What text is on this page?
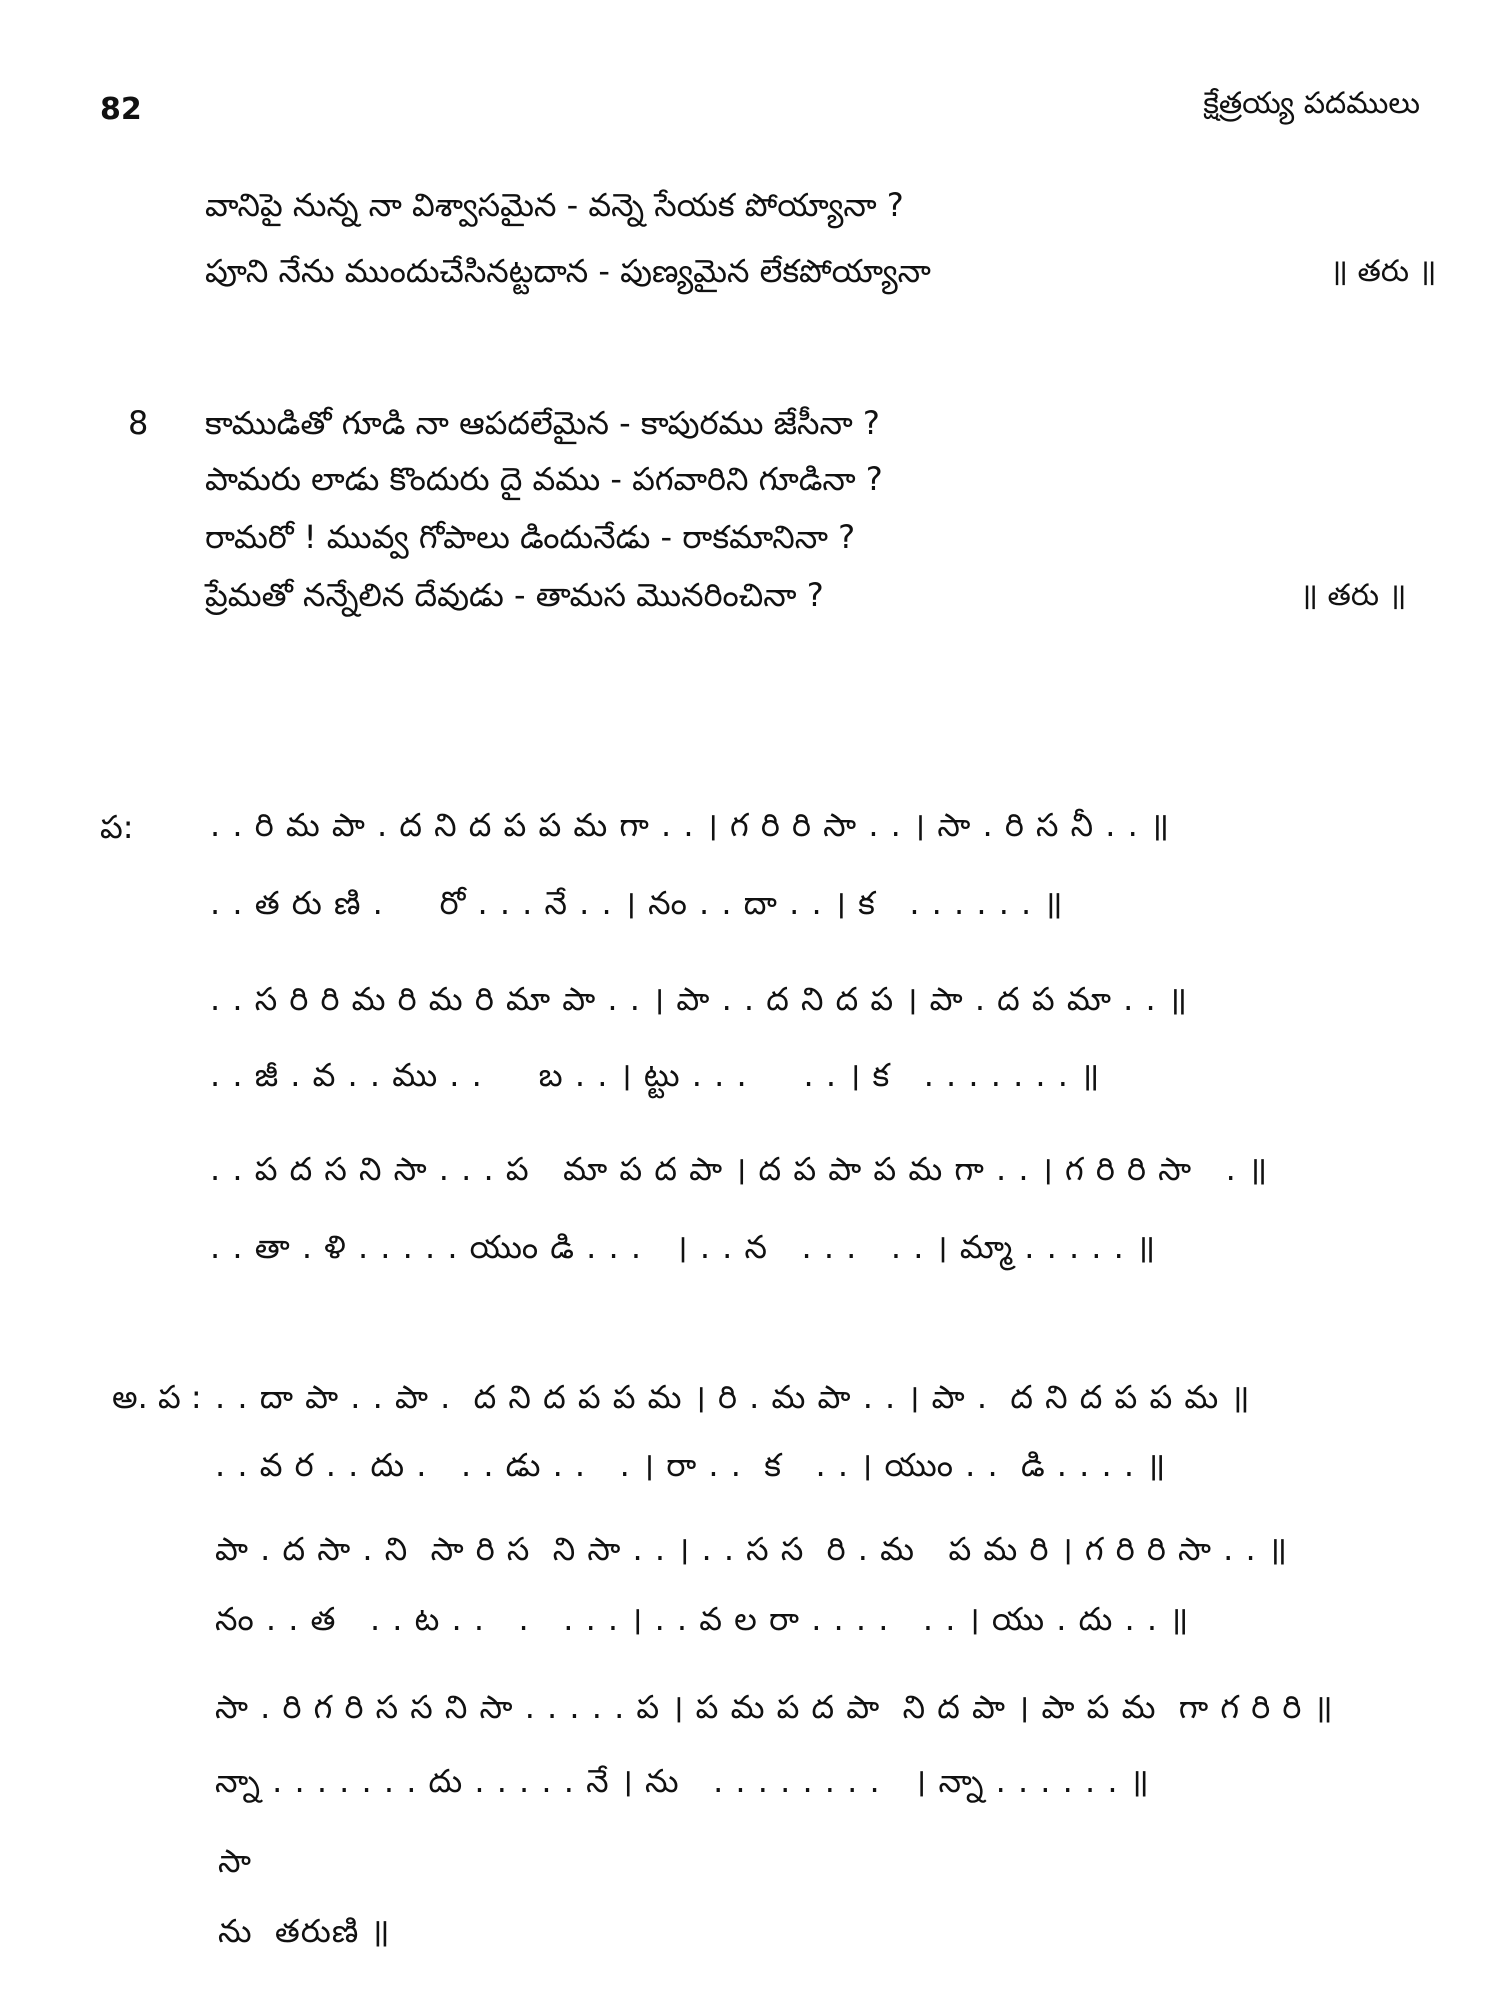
82	క్షేత్రయ్య పదములు
వానిపై నున్న నా విశ్వాసమైన - వన్నె సేయక పోయ్యానా ?
పూని నేను ముందుచేసినట్టదాన - పుణ్యమైన లేకపోయ్యానా	॥ తరు ॥
8 కాముడితో గూడి నా ఆపదలేమైన - కాపురము జేసీనా ?
పామరు లాడు కొందురు దై వము - పగవారిని గూడినా ?
రామరో ! మువ్వ గోపాలు డిందునేడు - రాకమానినా ?
ప్రేమతో నన్నేలిన దేవుడు - తామస మొనరించినా ?	॥ తరు ॥
ప: . . రి మ పా . ద ని ద ప ప మ గా . . । గ రి రి సా . . । సా . రి స నీ . . ॥
. . త రు ణి .     రో . . . నే . . । నం . . దా . . । క   . . . . . . ॥
. . స రి రి మ రి మ రి మా పా . . । పా . . ద ని ద ప । పా . ద ప మా . . ॥
. . జీ . వ . . ము . .     బ . . । ట్టు . . .     . . । క   . . . . . . . ॥
. . ప ద స ని సా . . . ప   మా ప ద పా । ద ప పా ప మ గా . . । గ రి రి సా   . ॥
. . తా . ళి . . . . . యుం డి . . .   । . . న   . . .   . . । మ్మా . . . . . ॥
అ. ప : . . దా పా . . పా .  ద ని ద ప ప మ । రి . మ పా . . । పా .  ద ని ద ప ప మ ॥
. . వ ర . . దు .   . . డు . .   . । రా . .  క   . . । యుం . .  డి . . . . ॥
పా . ద సా . ని  సా రి స  ని సా . . । . . స స  రి . మ   ప మ రి । గ రి రి సా . . ॥
నం . . త   . . ట . .   .   . . . । . . వ ల రా . . . .   . . । యు . దు . . ॥
సా . రి గ రి స స ని సా . . . . . ప । ప మ ప ద పా  ని ద పా । పా ప మ  గా గ రి రి ॥
న్నా . . . . . . . దు . . . . . నే । ను   . . . . . . . .   । న్నా . . . . . . ॥
సా
ను  తరుణి ॥
